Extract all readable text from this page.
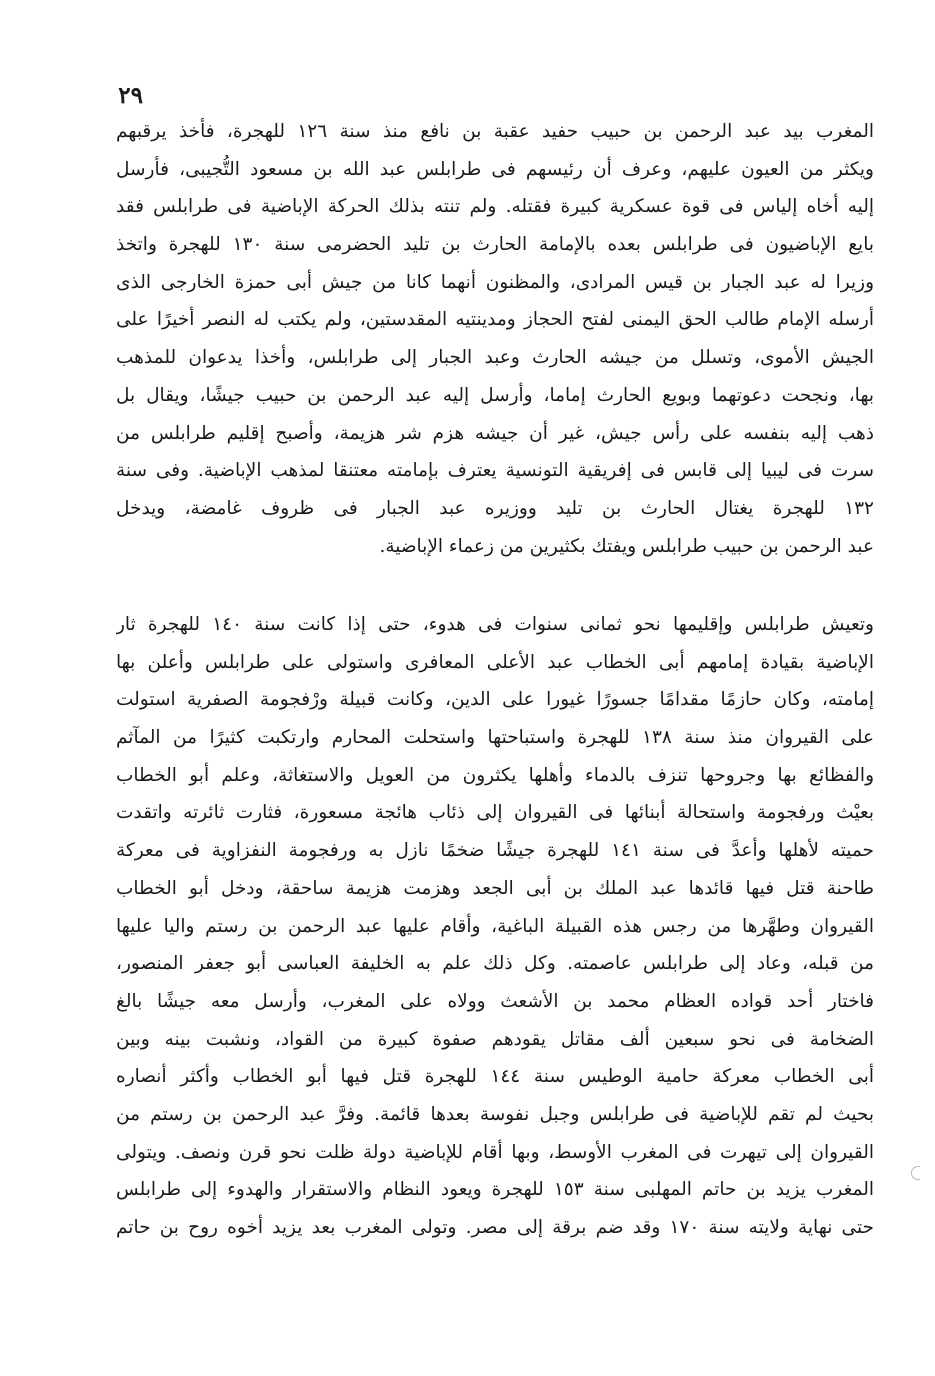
٢٩
المغرب بيد عبد الرحمن بن حبيب حفيد عقبة بن نافع منذ سنة ١٢٦ للهجرة، فأخذ يرقبهم
ويكثر من العيون عليهم، وعرف أن رئيسهم فى طرابلس عبد الله بن مسعود التُّجيبى، فأرسل
إليه أخاه إلياس فى قوة عسكرية كبيرة فقتله. ولم تنته بذلك الحركة الإباضية فى طرابلس فقد
بايع الإباضيون فى طرابلس بعده بالإمامة الحارث بن تليد الحضرمى سنة ١٣٠ للهجرة واتخذ
وزيرا له عبد الجبار بن قيس المرادى، والمظنون أنهما كانا من جيش أبى حمزة الخارجى الذى
أرسله الإمام طالب الحق اليمنى لفتح الحجاز ومدينتيه المقدستين، ولم يكتب له النصر أخيرًا على
الجيش الأموى، وتسلل من جيشه الحارث وعبد الجبار إلى طرابلس، وأخذا يدعوان للمذهب
بها، ونجحت دعوتهما وبويع الحارث إماما، وأرسل إليه عبد الرحمن بن حبيب جيشًا، ويقال بل
ذهب إليه بنفسه على رأس جيش، غير أن جيشه هزم شر هزيمة، وأصبح إقليم طرابلس من
سرت فى ليبيا إلى قابس فى إفريقية التونسية يعترف بإمامته معتنقا لمذهب الإباضية. وفى سنة
١٣٢ للهجرة يغتال الحارث بن تليد ووزيره عبد الجبار فى ظروف غامضة، ويدخل
عبد الرحمن بن حبيب طرابلس ويفتك بكثيرين من زعماء الإباضية.
وتعيش طرابلس وإقليمها نحو ثمانى سنوات فى هدوء، حتى إذا كانت سنة ١٤٠ للهجرة ثار
الإباضية بقيادة إمامهم أبى الخطاب عبد الأعلى المعافرى واستولى على طرابلس وأعلن بها
إمامته، وكان حازمًا مقدامًا جسورًا غيورا على الدين، وكانت قبيلة ورْفجومة الصفرية استولت
على القيروان منذ سنة ١٣٨ للهجرة واستباحتها واستحلت المحارم وارتكبت كثيرًا من المآثم
والفظائع بها وجروحها تنزف بالدماء وأهلها يكثرون من العويل والاستغاثة، وعلم أبو الخطاب
بعيْث ورفجومة واستحالة أبنائها فى القيروان إلى ذئاب هائجة مسعورة، فثارت ثائرته واتقدت
حميته لأهلها وأعدَّ فى سنة ١٤١ للهجرة جيشًا ضخمًا نازل به ورفجومة النفزاوية فى معركة
طاحنة قتل فيها قائدها عبد الملك بن أبى الجعد وهزمت هزيمة ساحقة، ودخل أبو الخطاب
القيروان وطهَّرها من رجس هذه القبيلة الباغية، وأقام عليها عبد الرحمن بن رستم واليا عليها
من قبله، وعاد إلى طرابلس عاصمته. وكل ذلك علم به الخليفة العباسى أبو جعفر المنصور،
فاختار أحد قواده العظام محمد بن الأشعث وولاه على المغرب، وأرسل معه جيشًا بالغ
الضخامة فى نحو سبعين ألف مقاتل يقودهم صفوة كبيرة من القواد، ونشبت بينه وبين
أبى الخطاب معركة حامية الوطيس سنة ١٤٤ للهجرة قتل فيها أبو الخطاب وأكثر أنصاره
بحيث لم تقم للإباضية فى طرابلس وجبل نفوسة بعدها قائمة. وفرَّ عبد الرحمن بن رستم من
القيروان إلى تيهرت فى المغرب الأوسط، وبها أقام للإباضية دولة ظلت نحو قرن ونصف. ويتولى
المغرب يزيد بن حاتم المهلبى سنة ١٥٣ للهجرة ويعود النظام والاستقرار والهدوء إلى طرابلس
حتى نهاية ولايته سنة ١٧٠ وقد ضم برقة إلى مصر. وتولى المغرب بعد يزيد أخوه روح بن حاتم
